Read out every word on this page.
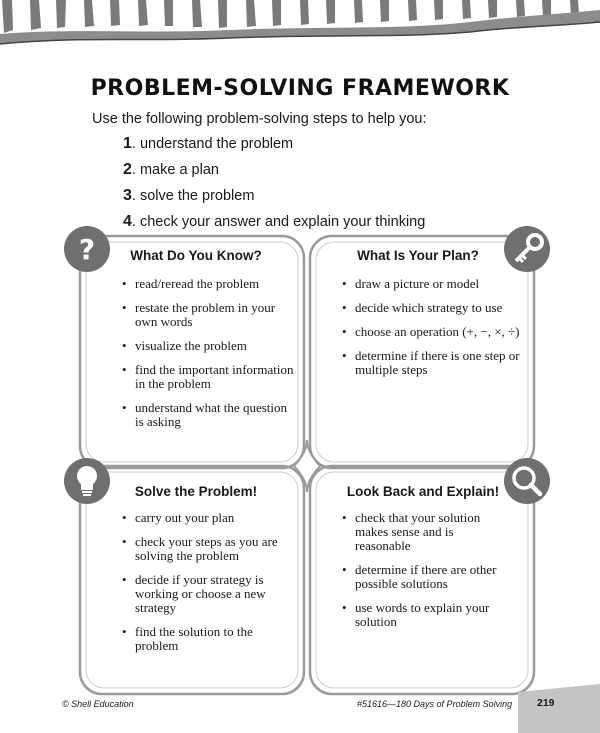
PROBLEM-SOLVING FRAMEWORK
Use the following problem-solving steps to help you:
1. understand the problem
2. make a plan
3. solve the problem
4. check your answer and explain your thinking
?	What Do You Know?
• read/reread the problem
• restate the problem in your own words
• visualize the problem
• find the important information in the problem
• understand what the question is asking
What Is Your Plan?
• draw a picture or model
• decide which strategy to use
• choose an operation (+, −, ×, ÷)
• determine if there is one step or multiple steps
Solve the Problem!
• carry out your plan
• check your steps as you are solving the problem
• decide if your strategy is working or choose a new strategy
• find the solution to the problem
Look Back and Explain!
• check that your solution makes sense and is reasonable
• determine if there are other possible solutions
• use words to explain your solution
© Shell Education	#51616—180 Days of Problem Solving 219
